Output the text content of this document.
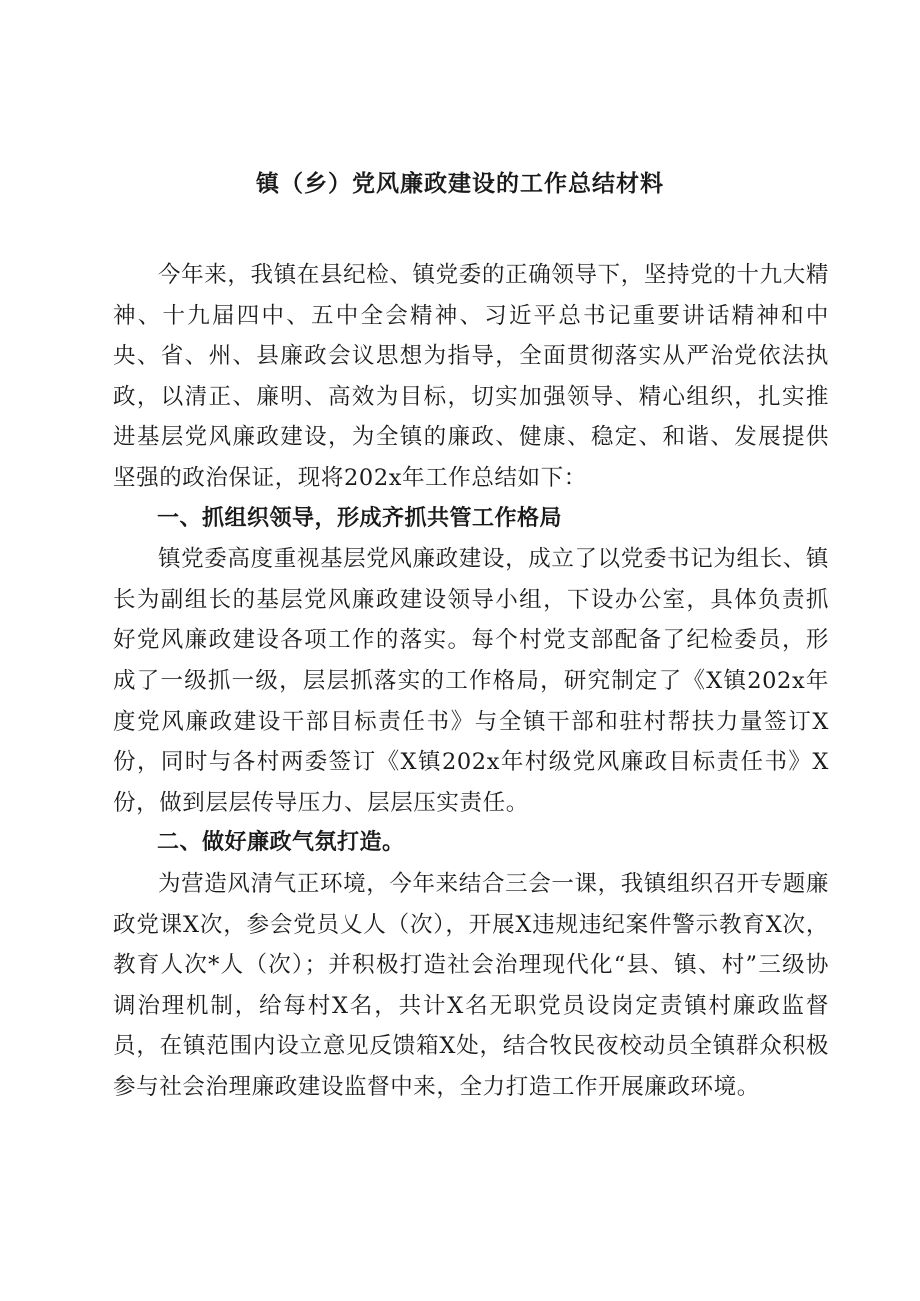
镇（乡）党风廉政建设的工作总结材料

今年来，我镇在县纪检、镇党委的正确领导下，坚持党的十九大精神、十九届四中、五中全会精神、习近平总书记重要讲话精神和中央、省、州、县廉政会议思想为指导，全面贯彻落实从严治党依法执政，以清正、廉明、高效为目标，切实加强领导、精心组织，扎实推进基层党风廉政建设，为全镇的廉政、健康、稳定、和谐、发展提供坚强的政治保证，现将202x年工作总结如下：

一、抓组织领导，形成齐抓共管工作格局

镇党委高度重视基层党风廉政建设，成立了以党委书记为组长、镇长为副组长的基层党风廉政建设领导小组，下设办公室，具体负责抓好党风廉政建设各项工作的落实。每个村党支部配备了纪检委员，形成了一级抓一级，层层抓落实的工作格局，研究制定了《X镇202x年度党风廉政建设干部目标责任书》与全镇干部和驻村帮扶力量签订X份，同时与各村两委签订《X镇202x年村级党风廉政目标责任书》X份，做到层层传导压力、层层压实责任。

二、做好廉政气氛打造。

为营造风清气正环境，今年来结合三会一课，我镇组织召开专题廉政党课X次，参会党员乂人（次），开展X违规违纪案件警示教育X次，教育人次*人（次）；并积极打造社会治理现代化“县、镇、村”三级协调治理机制，给每村X名，共计X名无职党员设岗定责镇村廉政监督员，在镇范围内设立意见反馈箱X处，结合牧民夜校动员全镇群众积极参与社会治理廉政建设监督中来，全力打造工作开展廉政环境。
